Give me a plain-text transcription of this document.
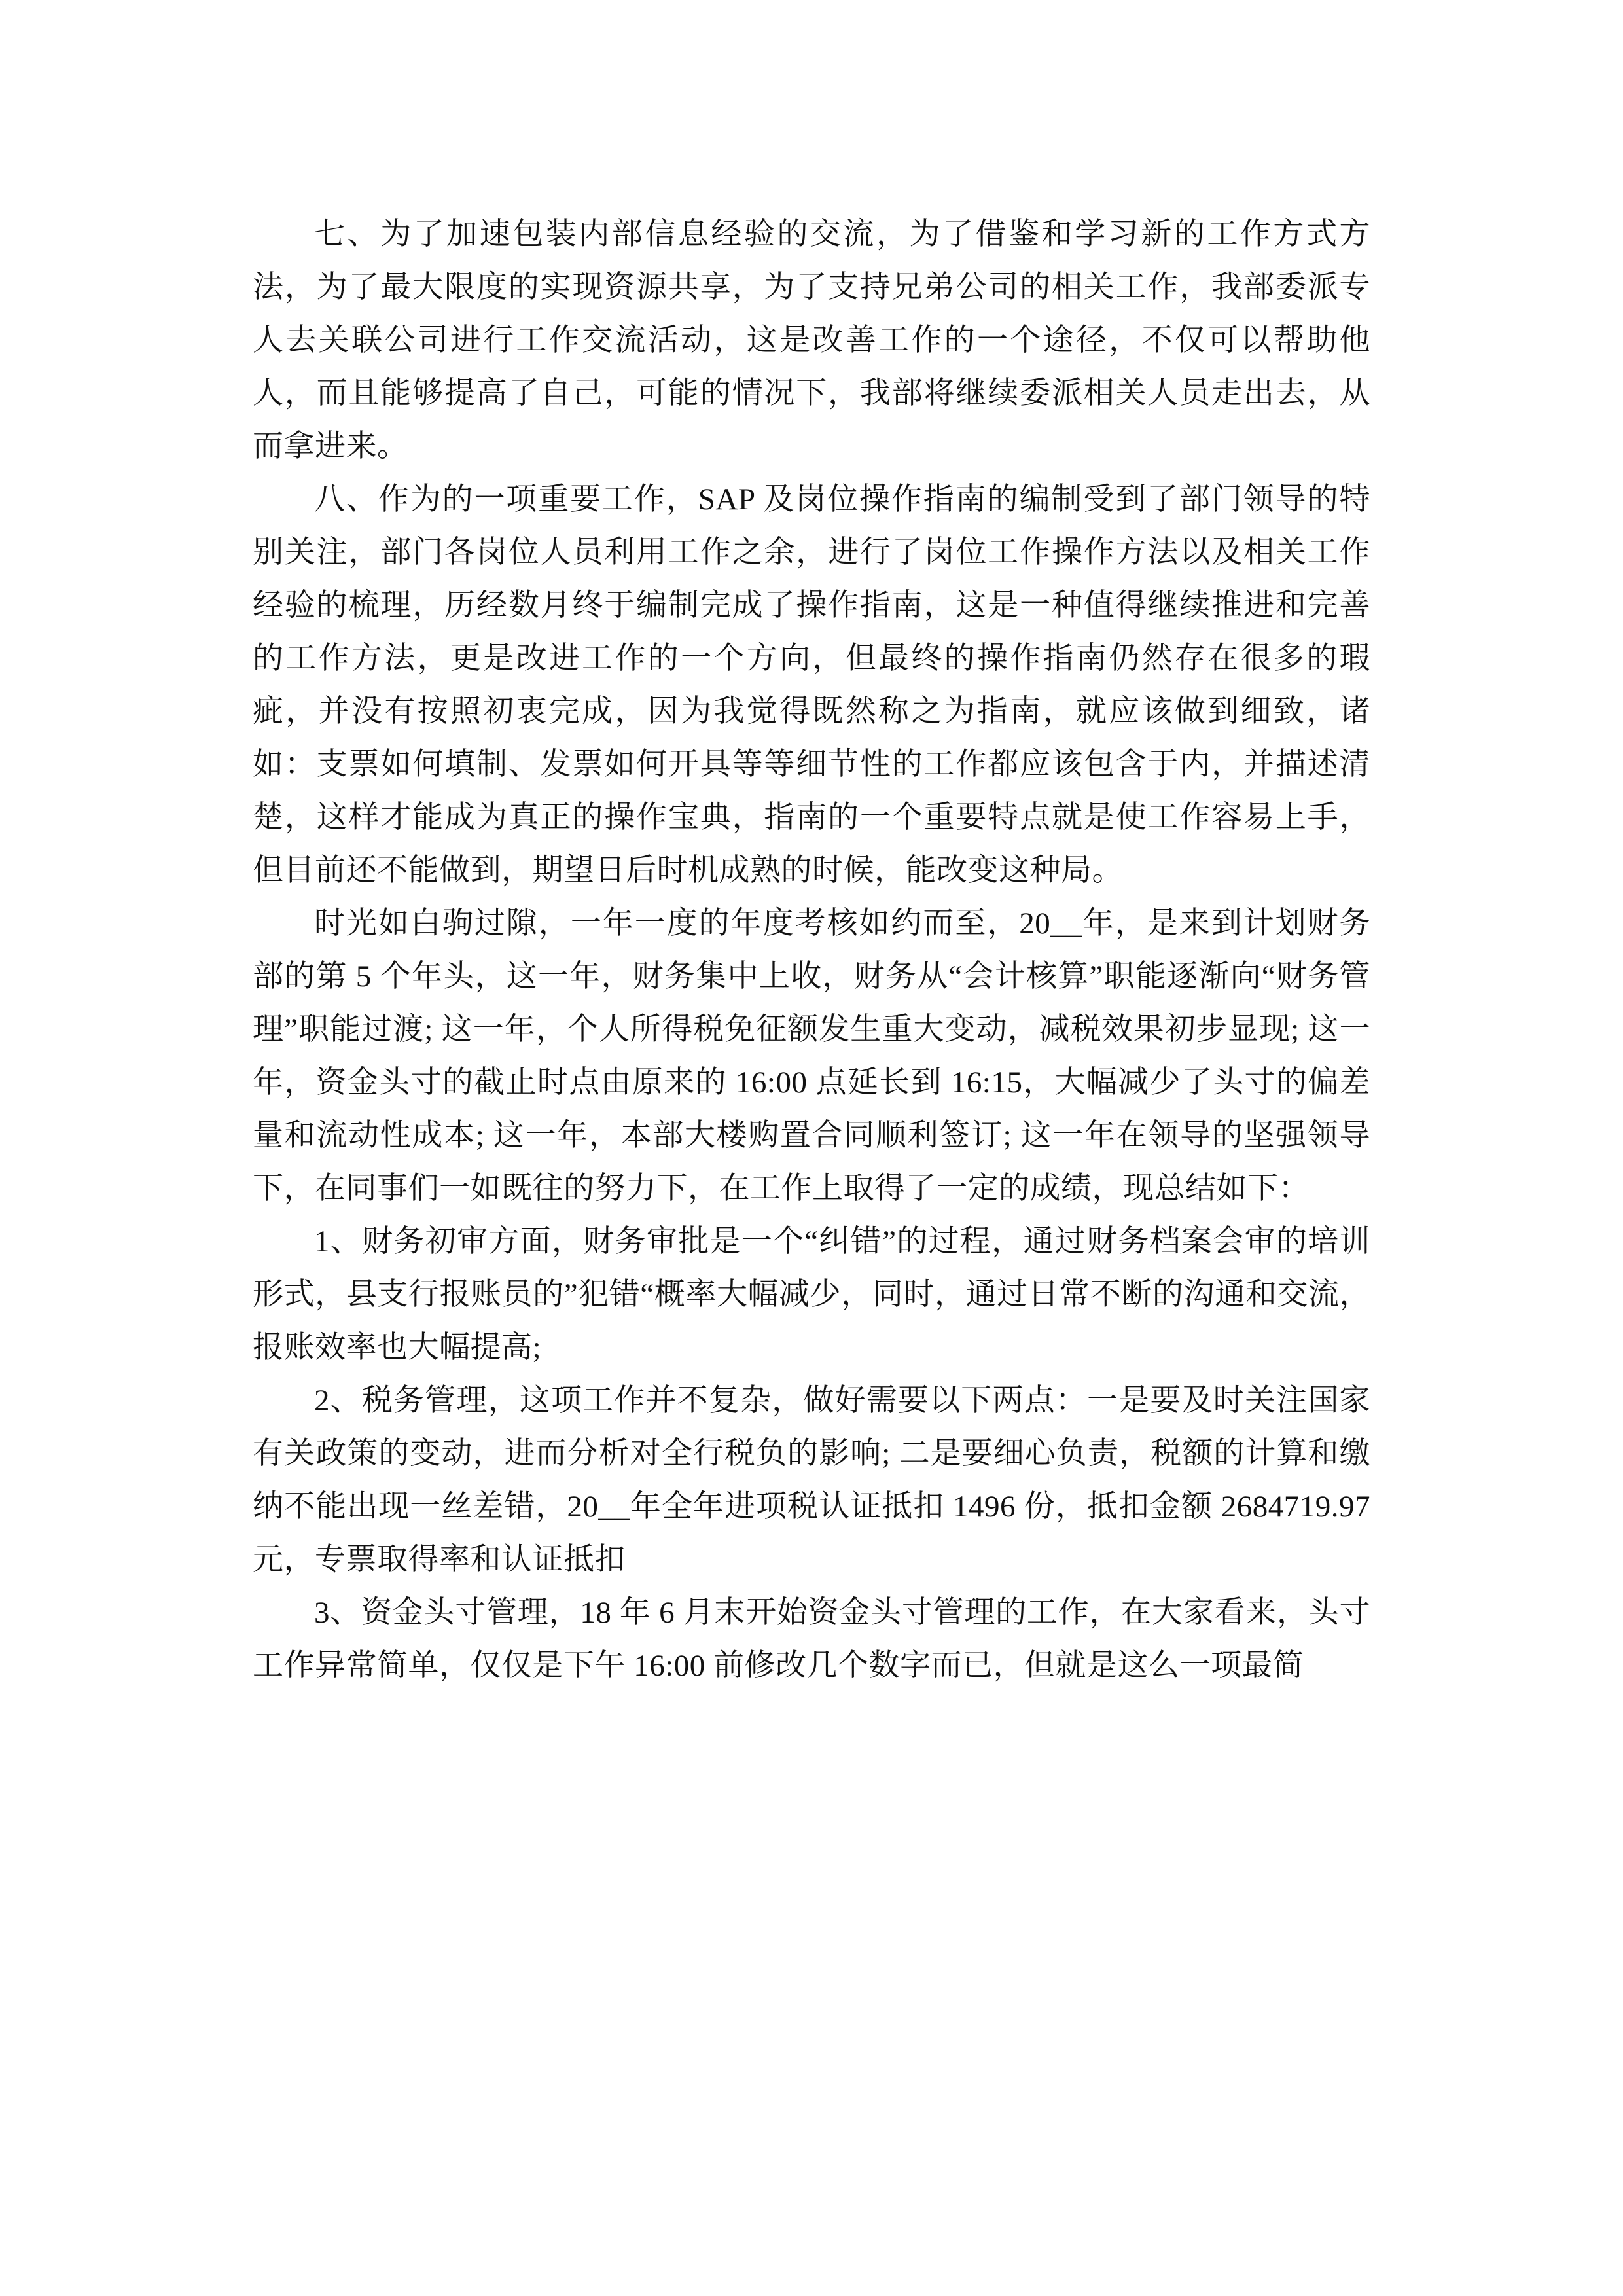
七、为了加速包装内部信息经验的交流，为了借鉴和学习新的工作方式方法，为了最大限度的实现资源共享，为了支持兄弟公司的相关工作，我部委派专人去关联公司进行工作交流活动，这是改善工作的一个途径，不仅可以帮助他人，而且能够提高了自己，可能的情况下，我部将继续委派相关人员走出去，从而拿进来。

八、作为的一项重要工作，SAP 及岗位操作指南的编制受到了部门领导的特别关注，部门各岗位人员利用工作之余，进行了岗位工作操作方法以及相关工作经验的梳理，历经数月终于编制完成了操作指南，这是一种值得继续推进和完善的工作方法，更是改进工作的一个方向，但最终的操作指南仍然存在很多的瑕疵，并没有按照初衷完成，因为我觉得既然称之为指南，就应该做到细致，诸如：支票如何填制、发票如何开具等等细节性的工作都应该包含于内，并描述清楚，这样才能成为真正的操作宝典，指南的一个重要特点就是使工作容易上手，但目前还不能做到，期望日后时机成熟的时候，能改变这种局。

时光如白驹过隙，一年一度的年度考核如约而至，20__年，是来到计划财务部的第 5 个年头，这一年，财务集中上收，财务从“会计核算”职能逐渐向“财务管理”职能过渡; 这一年，个人所得税免征额发生重大变动，减税效果初步显现; 这一年，资金头寸的截止时点由原来的 16:00 点延长到 16:15，大幅减少了头寸的偏差量和流动性成本; 这一年，本部大楼购置合同顺利签订; 这一年在领导的坚强领导下，在同事们一如既往的努力下，在工作上取得了一定的成绩，现总结如下：

1、财务初审方面，财务审批是一个“纠错”的过程，通过财务档案会审的培训形式，县支行报账员的”犯错“概率大幅减少，同时，通过日常不断的沟通和交流，报账效率也大幅提高;

2、税务管理，这项工作并不复杂，做好需要以下两点：一是要及时关注国家有关政策的变动，进而分析对全行税负的影响; 二是要细心负责，税额的计算和缴纳不能出现一丝差错，20__年全年进项税认证抵扣 1496 份，抵扣金额 2684719.97 元，专票取得率和认证抵扣

3、资金头寸管理，18 年 6 月末开始资金头寸管理的工作，在大家看来，头寸工作异常简单，仅仅是下午 16:00 前修改几个数字而已，但就是这么一项最简
